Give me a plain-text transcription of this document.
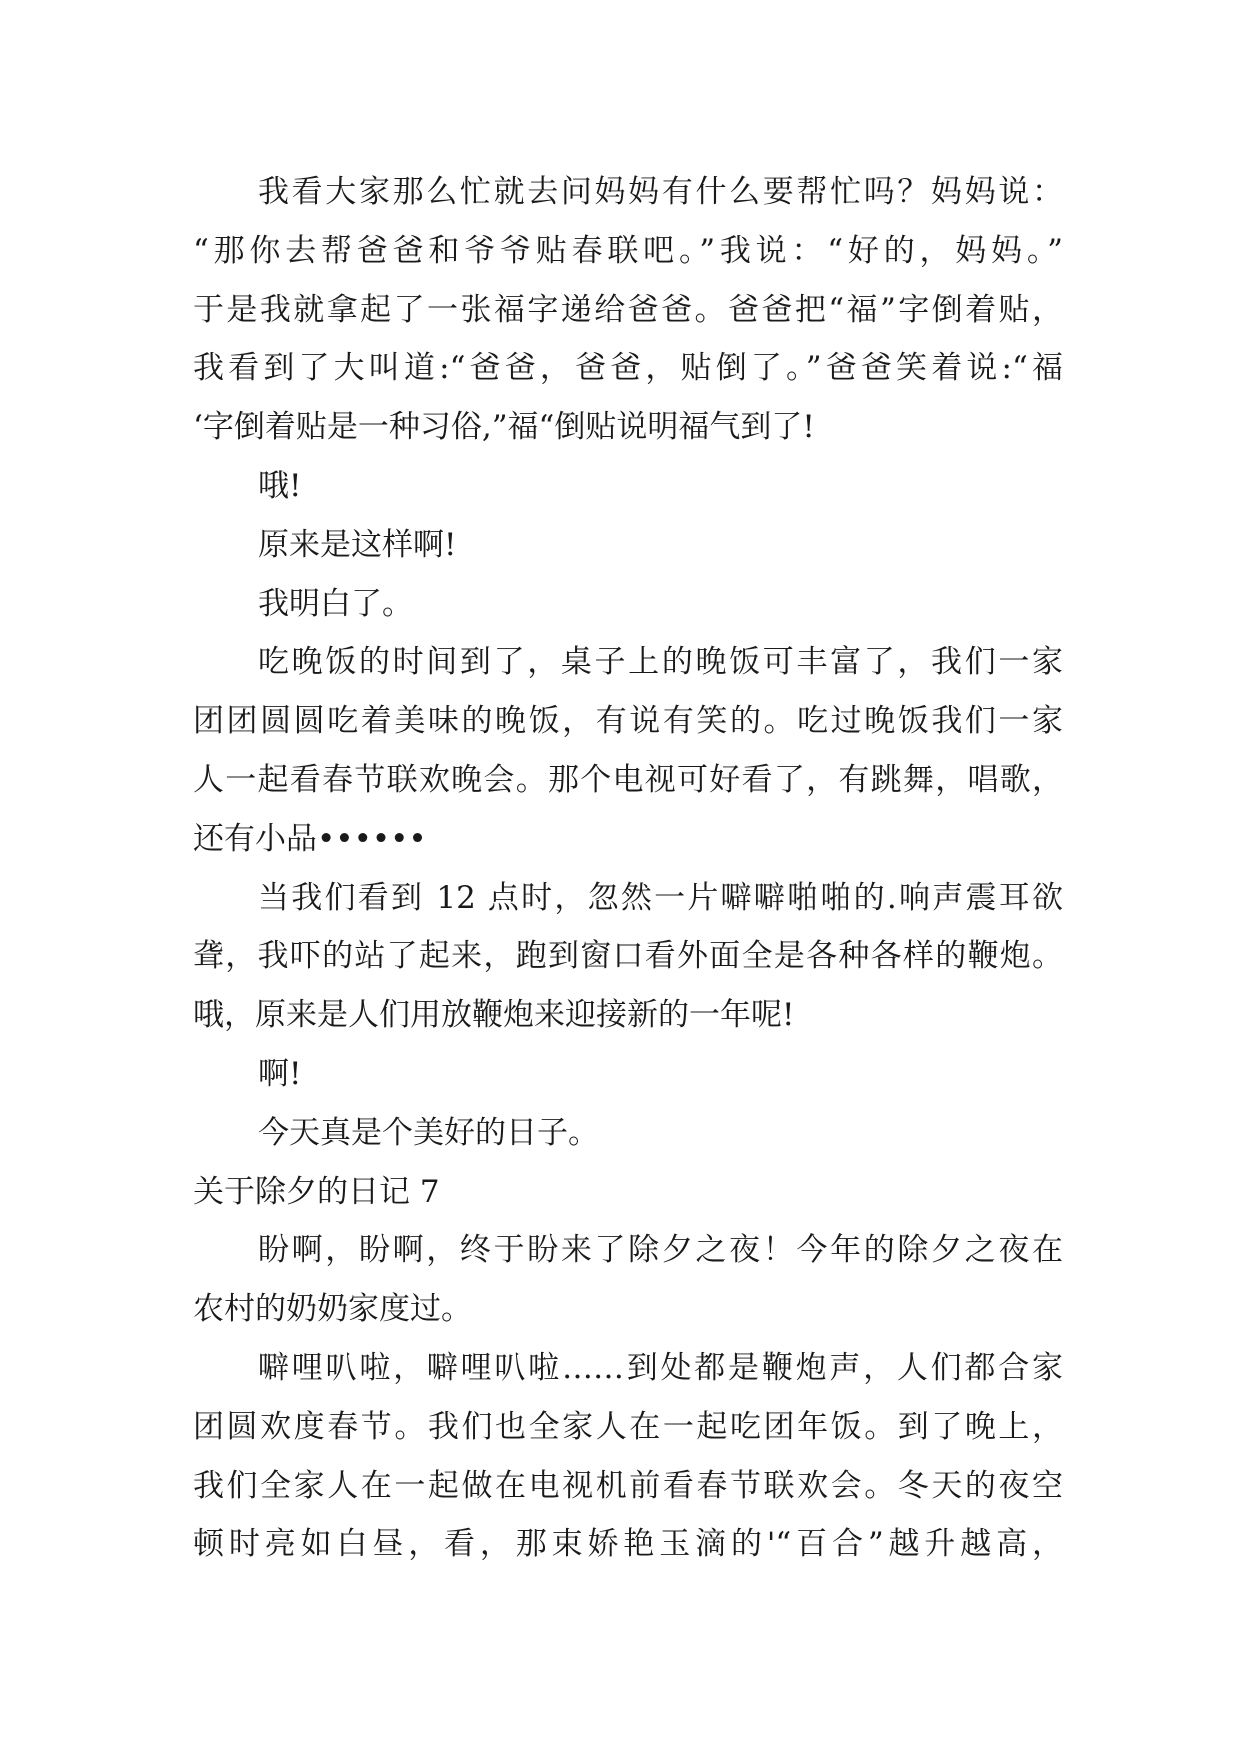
我看大家那么忙就去问妈妈有什么要帮忙吗？妈妈说：
“那你去帮爸爸和爷爷贴春联吧。”我说：“好的，妈妈。”
于是我就拿起了一张福字递给爸爸。爸爸把“福”字倒着贴，
我看到了大叫道:“爸爸，爸爸，贴倒了。”爸爸笑着说:“福
‘字倒着贴是一种习俗,”福“倒贴说明福气到了!
哦!
原来是这样啊!
我明白了。
吃晚饭的时间到了，桌子上的晚饭可丰富了，我们一家
团团圆圆吃着美味的晚饭，有说有笑的。吃过晚饭我们一家
人一起看春节联欢晚会。那个电视可好看了，有跳舞，唱歌，
还有小品••••••
当我们看到 12 点时，忽然一片噼噼啪啪的.响声震耳欲
聋，我吓的站了起来，跑到窗口看外面全是各种各样的鞭炮。
哦，原来是人们用放鞭炮来迎接新的一年呢!
啊!
今天真是个美好的日子。
关于除夕的日记 7
盼啊，盼啊，终于盼来了除夕之夜！今年的除夕之夜在
农村的奶奶家度过。
噼哩叭啦，噼哩叭啦……到处都是鞭炮声，人们都合家
团圆欢度春节。我们也全家人在一起吃团年饭。到了晚上，
我们全家人在一起做在电视机前看春节联欢会。冬天的夜空
顿时亮如白昼，看，那束娇艳玉滴的'“百合”越升越高，
